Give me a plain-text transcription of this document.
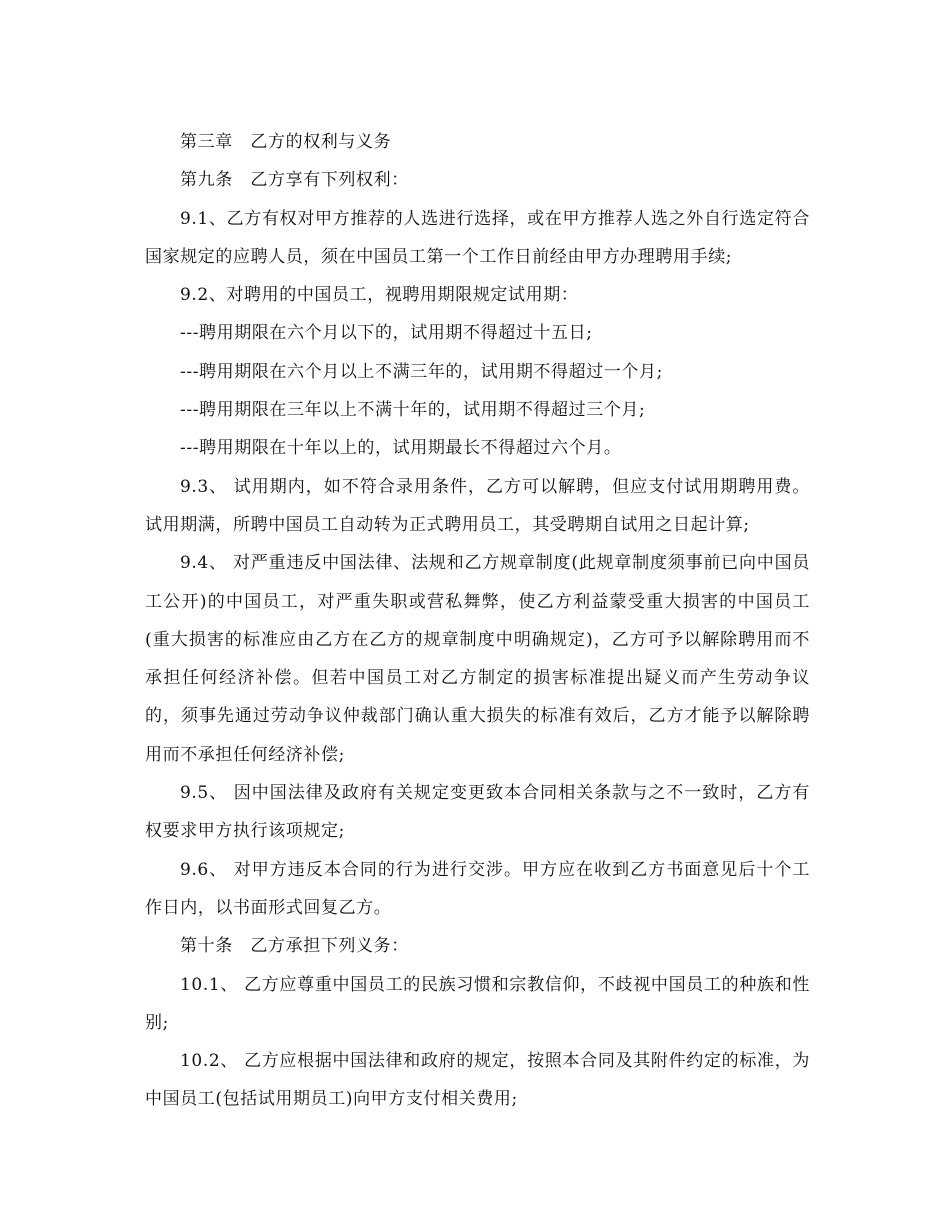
第三章　乙方的权利与义务

第九条　乙方享有下列权利：

9.1、乙方有权对甲方推荐的人选进行选择，或在甲方推荐人选之外自行选定符合国家规定的应聘人员，须在中国员工第一个工作日前经由甲方办理聘用手续;

9.2、对聘用的中国员工，视聘用期限规定试用期：

---聘用期限在六个月以下的，试用期不得超过十五日;

---聘用期限在六个月以上不满三年的，试用期不得超过一个月;

---聘用期限在三年以上不满十年的，试用期不得超过三个月;

---聘用期限在十年以上的，试用期最长不得超过六个月。

9.3、 试用期内，如不符合录用条件，乙方可以解聘，但应支付试用期聘用费。试用期满，所聘中国员工自动转为正式聘用员工，其受聘期自试用之日起计算;

9.4、 对严重违反中国法律、法规和乙方规章制度(此规章制度须事前已向中国员工公开)的中国员工，对严重失职或营私舞弊，使乙方利益蒙受重大损害的中国员工(重大损害的标准应由乙方在乙方的规章制度中明确规定)，乙方可予以解除聘用而不承担任何经济补偿。但若中国员工对乙方制定的损害标准提出疑义而产生劳动争议的，须事先通过劳动争议仲裁部门确认重大损失的标准有效后，乙方才能予以解除聘用而不承担任何经济补偿;

9.5、 因中国法律及政府有关规定变更致本合同相关条款与之不一致时，乙方有权要求甲方执行该项规定;

9.6、 对甲方违反本合同的行为进行交涉。甲方应在收到乙方书面意见后十个工作日内，以书面形式回复乙方。

第十条　乙方承担下列义务：

10.1、 乙方应尊重中国员工的民族习惯和宗教信仰，不歧视中国员工的种族和性别;

10.2、 乙方应根据中国法律和政府的规定，按照本合同及其附件约定的标准，为中国员工(包括试用期员工)向甲方支付相关费用;
